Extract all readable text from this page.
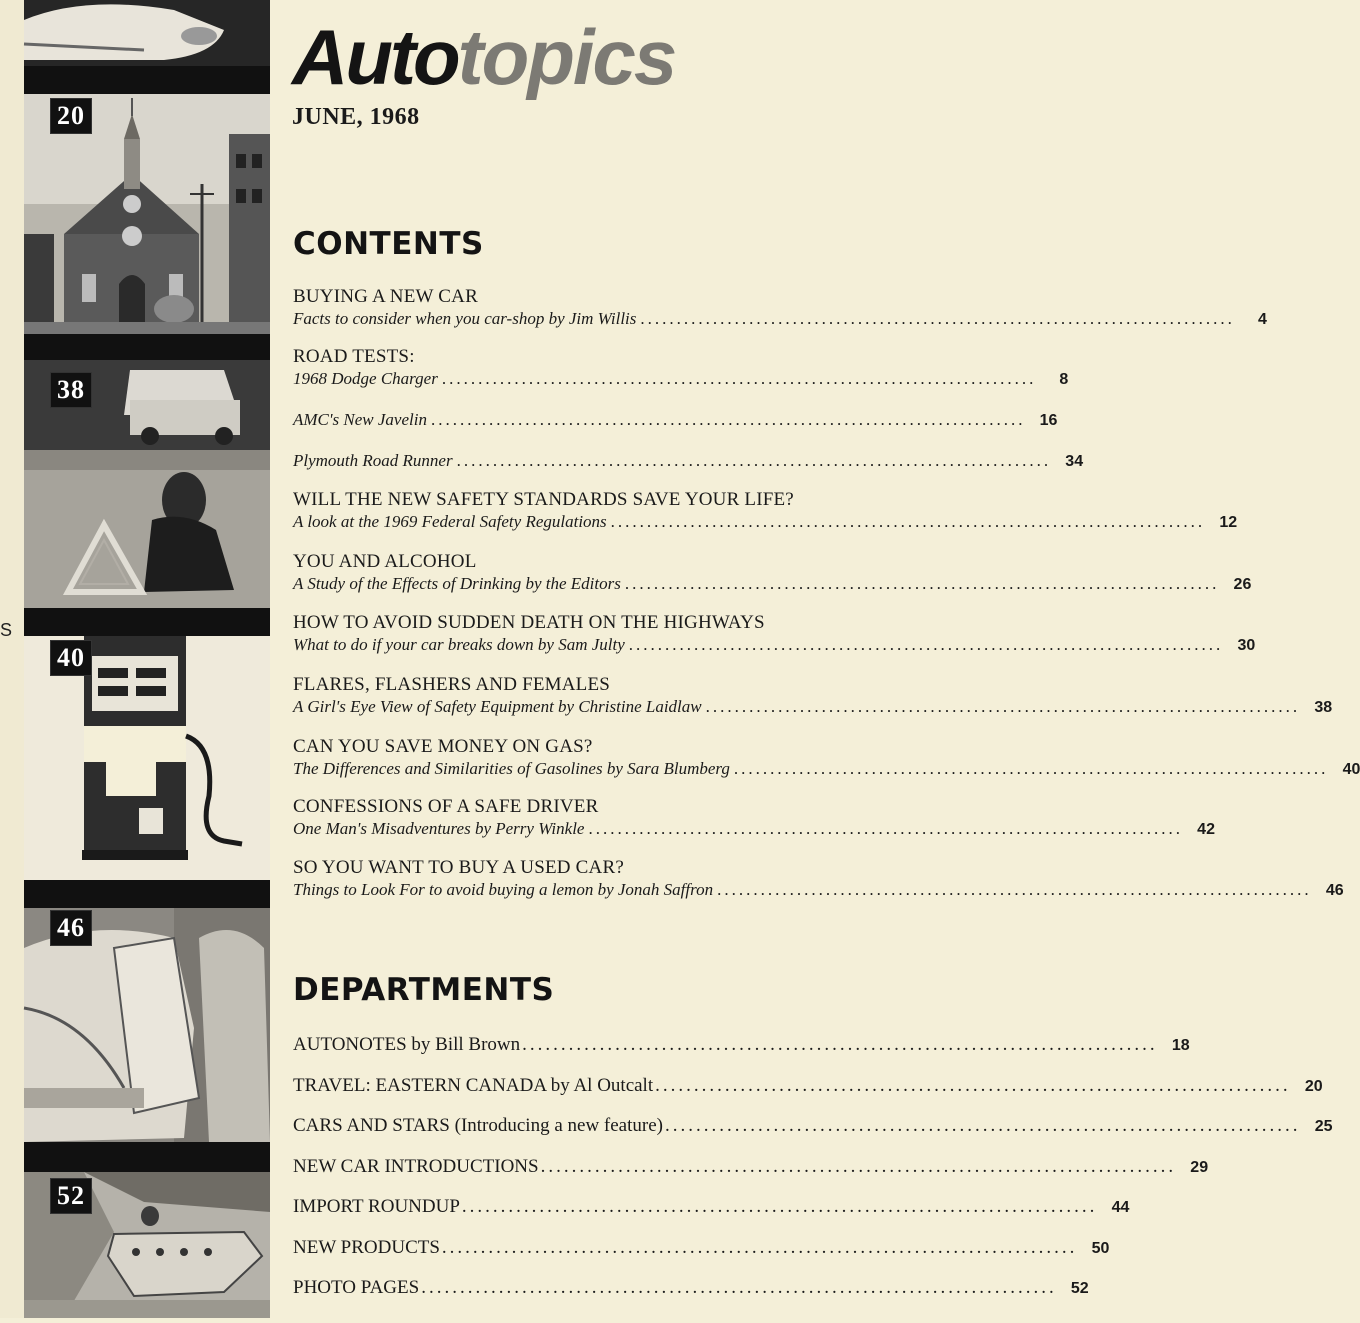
S
20
38
40
46
52
Autotopics
JUNE, 1968
CONTENTS
BUYING A NEW CAR
Facts to consider when you car-shop by Jim Willis ..................................................................................	4
ROAD TESTS:
1968 Dodge Charger ..................................................................................	8
AMC's New Javelin .................................................................................. 16
Plymouth Road Runner .................................................................................. 34
WILL THE NEW SAFETY STANDARDS SAVE YOUR LIFE?
A look at the 1969 Federal Safety Regulations .................................................................................. 12
YOU AND ALCOHOL
A Study of the Effects of Drinking by the Editors .................................................................................. 26
HOW TO AVOID SUDDEN DEATH ON THE HIGHWAYS
What to do if your car breaks down by Sam Julty .................................................................................. 30
FLARES, FLASHERS AND FEMALES
A Girl's Eye View of Safety Equipment by Christine Laidlaw .................................................................................. 38
CAN YOU SAVE MONEY ON GAS?
The Differences and Similarities of Gasolines by Sara Blumberg .................................................................................. 40
CONFESSIONS OF A SAFE DRIVER
One Man's Misadventures by Perry Winkle .................................................................................. 42
SO YOU WANT TO BUY A USED CAR?
Things to Look For to avoid buying a lemon by Jonah Saffron .................................................................................. 46
DEPARTMENTS
AUTONOTES by Bill Brown .................................................................................. 18
TRAVEL: EASTERN CANADA by Al Outcalt .................................................................................. 20
CARS AND STARS (Introducing a new feature) .................................................................................. 25
NEW CAR INTRODUCTIONS .................................................................................. 29
IMPORT ROUNDUP .................................................................................. 44
NEW PRODUCTS .................................................................................. 50
PHOTO PAGES .................................................................................. 52
